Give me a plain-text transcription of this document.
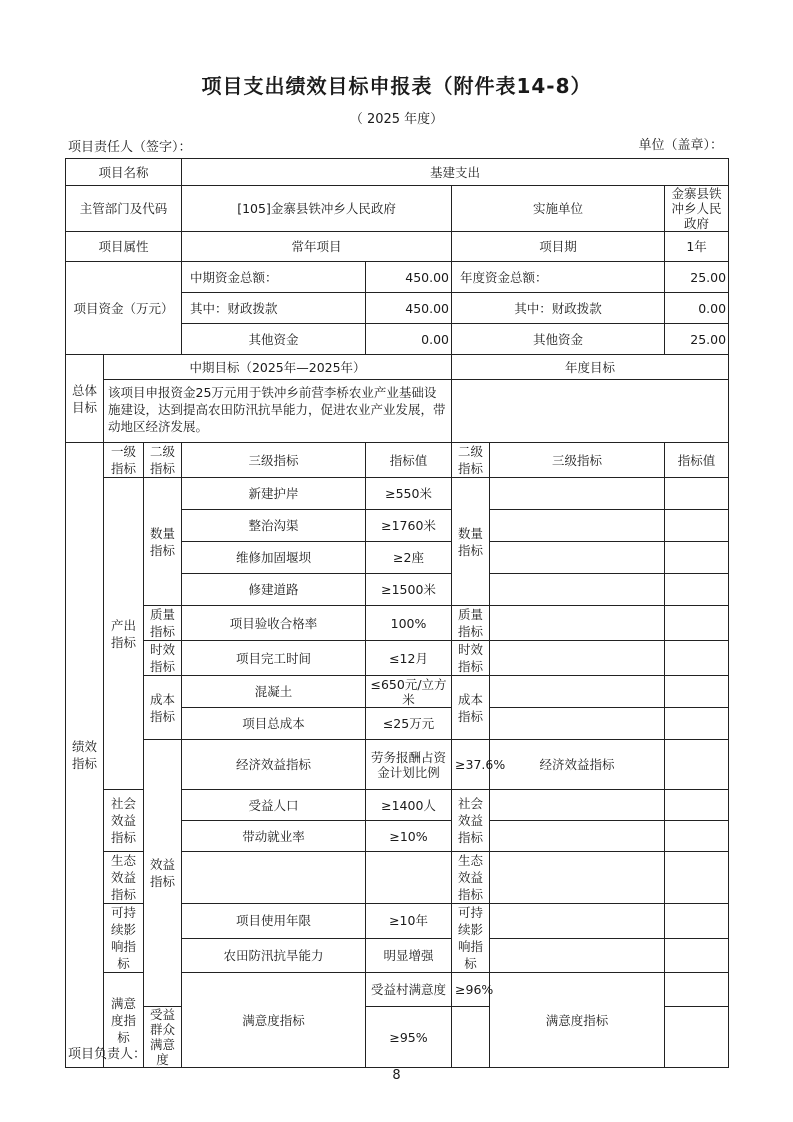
项目支出绩效目标申报表（附件表14-8）
（ 2025 年度）
项目责任人（签字）：	单位（盖章）：
项目名称			基建支出					
主管部门及代码			[105]金寨县铁冲乡人民政府		实施单位		金寨县铁冲乡人民政府	
项目属性			常年项目		项目期		1年	
项目资金（万元）			中期资金总额：	450.00	年度资金总额：		25.00	
			其中：财政拨款	450.00	其中：财政拨款		0.00	
			其他资金	0.00	其他资金		25.00	
总体目标	中期目标（2025年—2025年）				年度目标			
	该项目申报资金25万元用于铁冲乡前营李桥农业产业基础设施建设，达到提高农田防汛抗旱能力，促进农业产业发展，带动地区经济发展。							
绩效指标	一级指标	二级指标	三级指标	指标值	二级指标	三级指标	指标值	
	产出指标	数量指标	新建护岸	≥550米	数量指标			
			整治沟渠	≥1760米				
			维修加固堰坝	≥2座				
			修建道路	≥1500米				
		质量指标	项目验收合格率	100%	质量指标			
		时效指标	项目完工时间	≤12月	时效指标			
		成本指标	混凝土	≤650元/立方米	成本指标			
			项目总成本	≤25万元				
		效益指标	经济效益指标	劳务报酬占资金计划比例	≥37.6%	经济效益指标		
	社会效益指标		受益人口	≥1400人	社会效益指标			
			带动就业率	≥10%				
	生态效益指标				生态效益指标			
	可持续影响指标		项目使用年限	≥10年	可持续影响指标			
			农田防汛抗旱能力	明显增强				
	满意度指标		满意度指标	受益村满意度	≥96%	满意度指标		
		受益群众满意度		≥95%				
项目负责人：
8
